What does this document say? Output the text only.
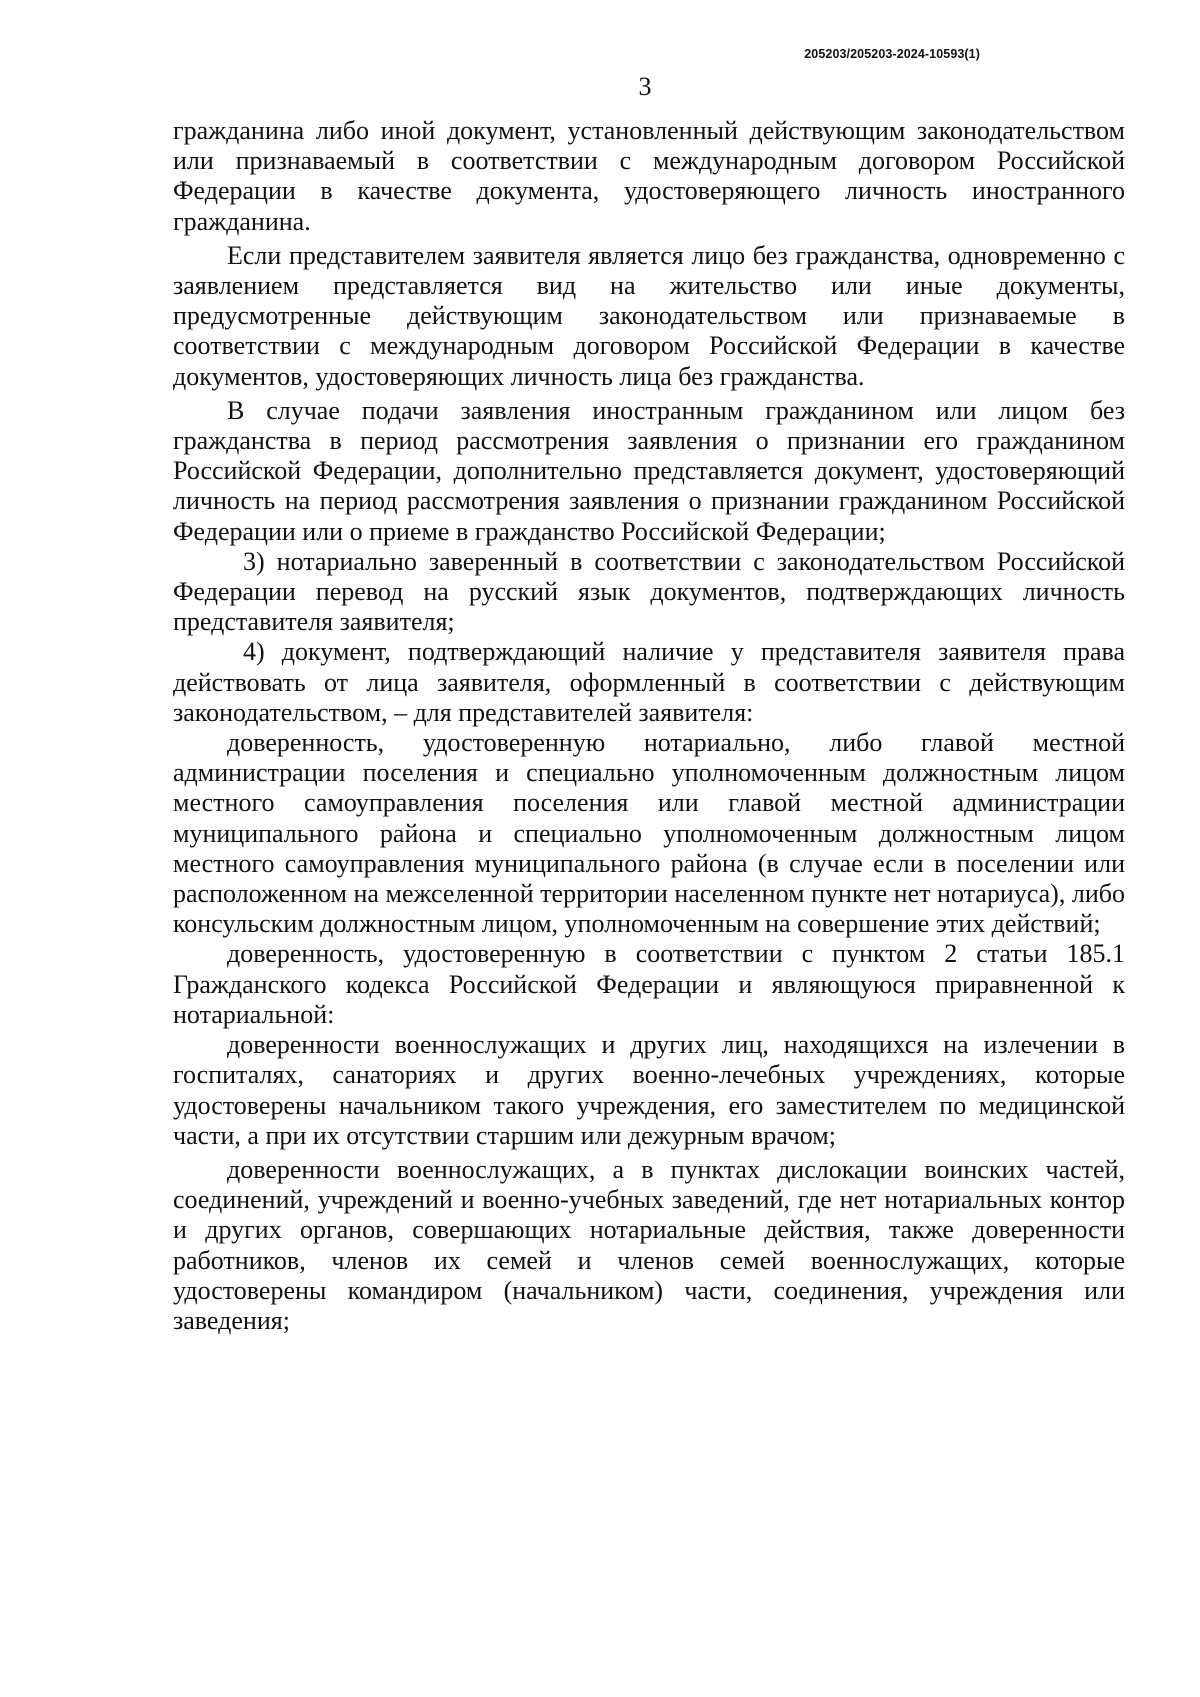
205203/205203-2024-10593(1)
3

гражданина либо иной документ, установленный действующим законодательством или признаваемый в соответствии с международным договором Российской Федерации в качестве документа, удостоверяющего личность иностранного гражданина.

Если представителем заявителя является лицо без гражданства, одновременно с заявлением представляется вид на жительство или иные документы, предусмотренные действующим законодательством или признаваемые в соответствии с международным договором Российской Федерации в качестве документов, удостоверяющих личность лица без гражданства.

В случае подачи заявления иностранным гражданином или лицом без гражданства в период рассмотрения заявления о признании его гражданином Российской Федерации, дополнительно представляется документ, удостоверяющий личность на период рассмотрения заявления о признании гражданином Российской Федерации или о приеме в гражданство Российской Федерации;

3) нотариально заверенный в соответствии с законодательством Российской Федерации перевод на русский язык документов, подтверждающих личность представителя заявителя;

4) документ, подтверждающий наличие у представителя заявителя права действовать от лица заявителя, оформленный в соответствии с действующим законодательством, – для представителей заявителя:

доверенность, удостоверенную нотариально, либо главой местной администрации поселения и специально уполномоченным должностным лицом местного самоуправления поселения или главой местной администрации муниципального района и специально уполномоченным должностным лицом местного самоуправления муниципального района (в случае если в поселении или расположенном на межселенной территории населенном пункте нет нотариуса), либо консульским должностным лицом, уполномоченным на совершение этих действий;

доверенность, удостоверенную в соответствии с пунктом 2 статьи 185.1 Гражданского кодекса Российской Федерации и являющуюся приравненной к нотариальной:

доверенности военнослужащих и других лиц, находящихся на излечении в госпиталях, санаториях и других военно-лечебных учреждениях, которые удостоверены начальником такого учреждения, его заместителем по медицинской части, а при их отсутствии старшим или дежурным врачом;

доверенности военнослужащих, а в пунктах дислокации воинских частей, соединений, учреждений и военно-учебных заведений, где нет нотариальных контор и других органов, совершающих нотариальные действия, также доверенности работников, членов их семей и членов семей военнослужащих, которые удостоверены командиром (начальником) части, соединения, учреждения или заведения;
